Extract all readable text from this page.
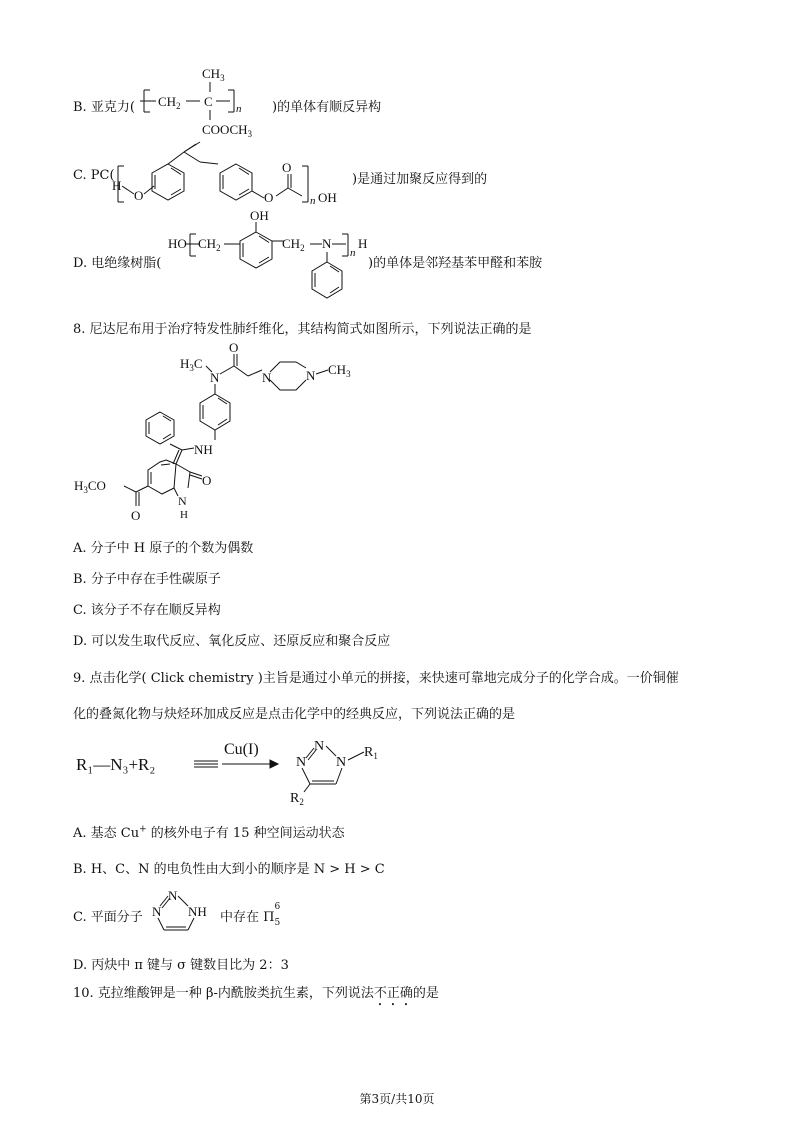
B. 亚克力(
$CH_3$
$CH_2$ C n
$COOCH_3$
)的单体有顺反异构
C. PC(
H
O	O
O
n OH
)是通过加聚反应得到的
D. 电绝缘树脂(
HO $CH_2$
OH
$CH_2$ N
n
H
)的单体是邻羟基苯甲醛和苯胺
8. 尼达尼布用于治疗特发性肺纤维化，其结构简式如图所示，下列说法正确的是
$H_3C$
N
O
N	N $CH_3$
NH
O
N
H
$H_3CO$
O
A. 分子中 H 原子的个数为偶数
B. 分子中存在手性碳原子
C. 该分子不存在顺反异构
D. 可以发生取代反应、氧化反应、还原反应和聚合反应
9. 点击化学( Click chemistry )主旨是通过小单元的拼接，来快速可靠地完成分子的化学合成。一价铜催
化的叠氮化物与炔烃环加成反应是点击化学中的经典反应，下列说法正确的是
R₁—N₃+R₂
Cu(I)
N
N
N
$R_1$
$R_2$
A. 基态 Cu+ 的核外电子有 15 种空间运动状态
B. H、C、N 的电负性由大到小的顺序是 N > H > C
C. 平面分子 N
N
NH 中存在 Π
6
5
D. 丙炔中 π 键与 σ 键数目比为 2：3
10. 克拉维酸钾是一种 β-内酰胺类抗生素，下列说法不正确的是
第3页/共10页
